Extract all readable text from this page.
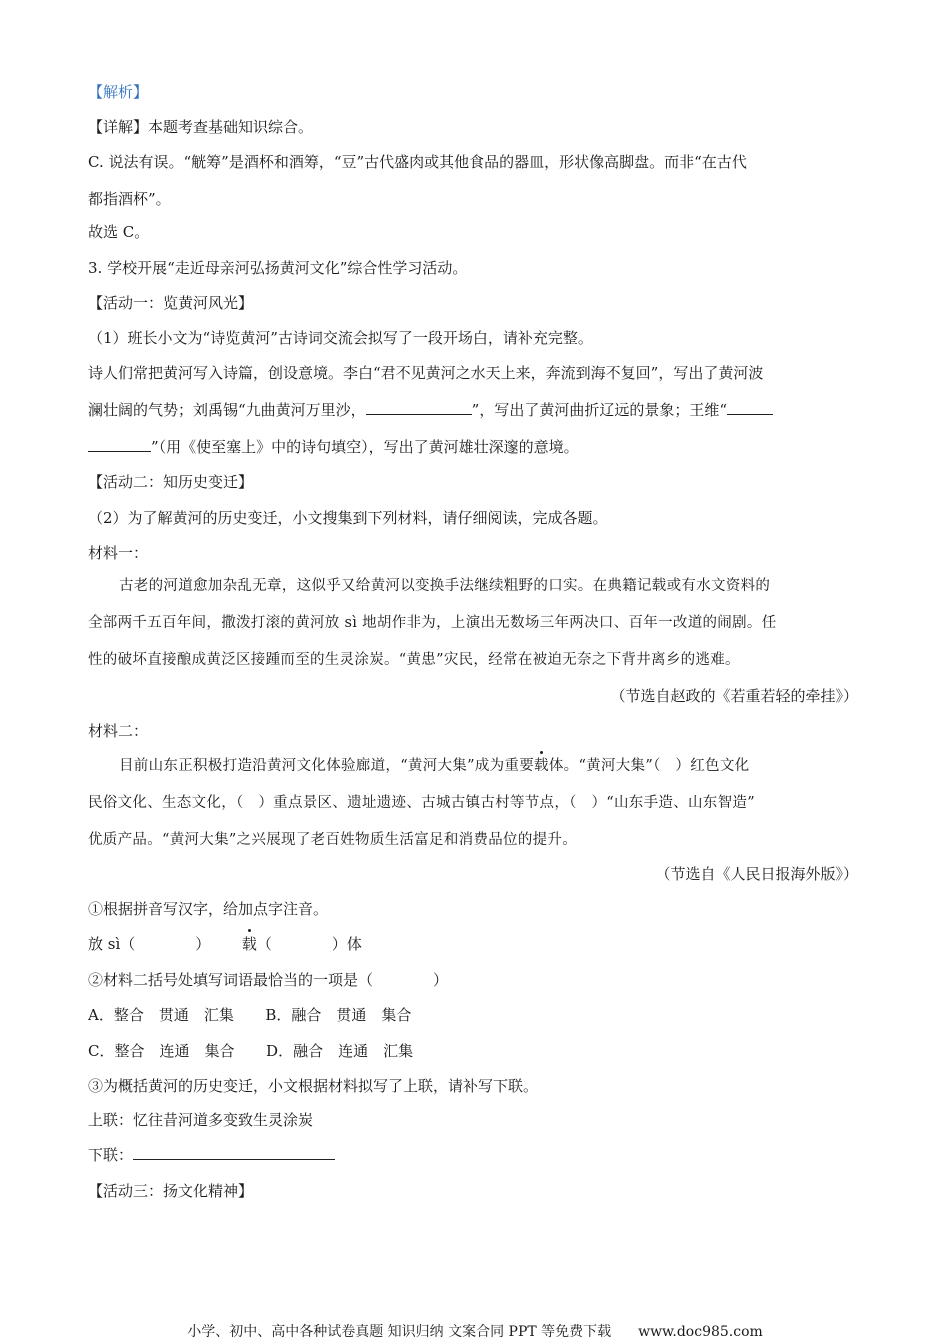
【解析】
【详解】本题考查基础知识综合。
C. 说法有误。“觥筹”是酒杯和酒筹，“豆”古代盛肉或其他食品的器皿，形状像高脚盘。而非“在古代
都指酒杯”。
故选 C。
3. 学校开展“走近母亲河弘扬黄河文化”综合性学习活动。
【活动一：览黄河风光】
（1）班长小文为“诗览黄河”古诗词交流会拟写了一段开场白，请补充完整。
诗人们常把黄河写入诗篇，创设意境。李白“君不见黄河之水天上来，奔流到海不复回”，写出了黄河波
澜壮阔的气势；刘禹锡“九曲黄河万里沙，	”，写出了黄河曲折辽远的景象；王维“
”（用《使至塞上》中的诗句填空），写出了黄河雄壮深邃的意境。
【活动二：知历史变迁】
（2）为了解黄河的历史变迁，小文搜集到下列材料，请仔细阅读，完成各题。
材料一：
古老的河道愈加杂乱无章，这似乎又给黄河以变换手法继续粗野的口实。在典籍记载或有水文资料的
全部两千五百年间，撒泼打滚的黄河放 sì 地胡作非为，上演出无数场三年两决口、百年一改道的闹剧。任
性的破坏直接酿成黄泛区接踵而至的生灵涂炭。“黄患”灾民，经常在被迫无奈之下背井离乡的逃难。
（节选自赵政的《若重若轻的牵挂》）
材料二：
目前山东正积极打造沿黄河文化体验廊道，“黄河大集”成为重要载体。“黄河大集”（　）红色文化
民俗文化、生态文化，（　）重点景区、遗址遗迹、古城古镇古村等节点，（　）“山东手造、山东智造”
优质产品。“黄河大集”之兴展现了老百姓物质生活富足和消费品位的提升。
（节选自《人民日报海外版》）
①根据拼音写汉字，给加点字注音。
放 sì（　　　　） 载（　　　　）体
②材料二括号处填写词语最恰当的一项是（　　　　）
A．整合　贯通　汇集 B．融合　贯通　集合
C．整合　连通　集合 D．融合　连通　汇集
③为概括黄河的历史变迁，小文根据材料拟写了上联，请补写下联。
上联：忆往昔河道多变致生灵涂炭
下联：
【活动三：扬文化精神】
小学、初中、高中各种试卷真题 知识归纳 文案合同 PPT 等免费下载 www.doc985.com
